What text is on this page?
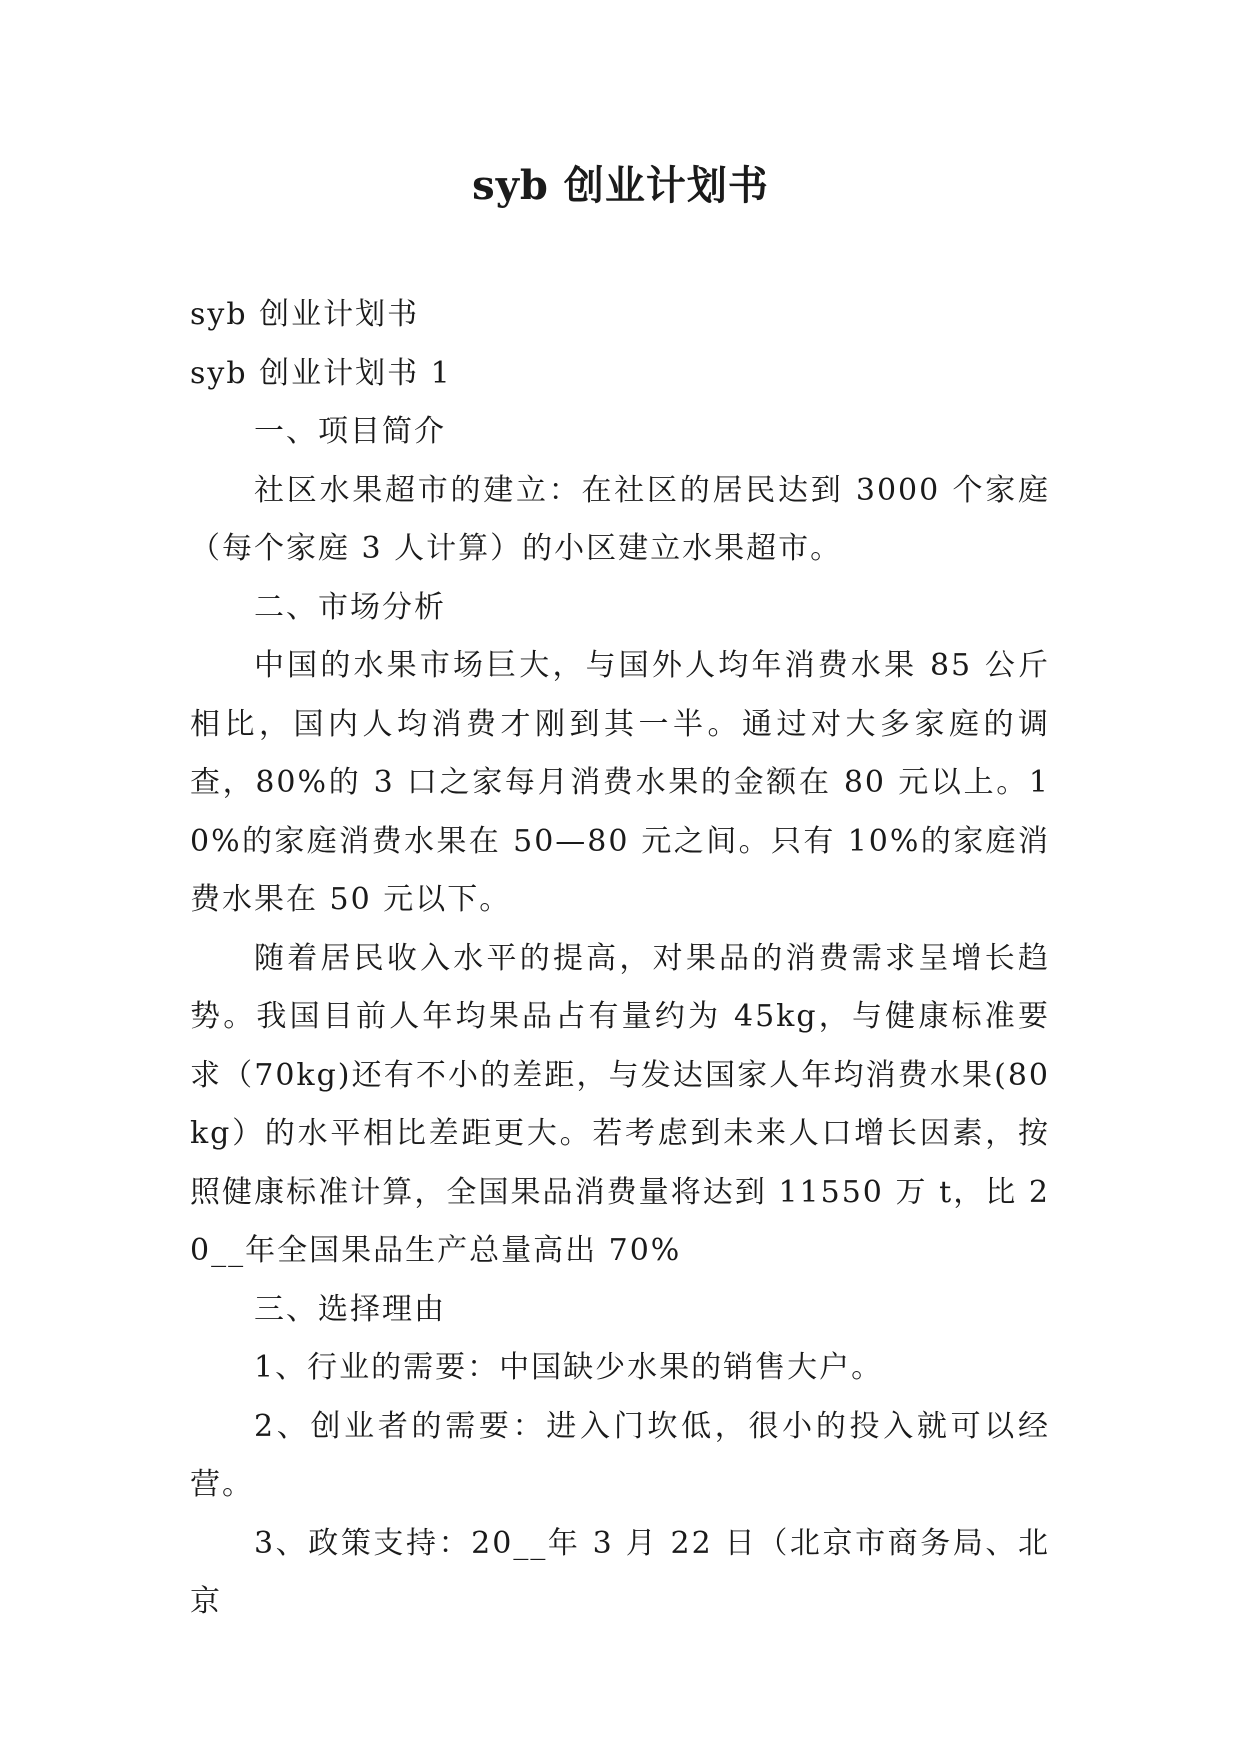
syb 创业计划书

syb 创业计划书

syb 创业计划书 1

一、项目简介

社区水果超市的建立：在社区的居民达到 3000 个家庭（每个家庭 3 人计算）的小区建立水果超市。

二、市场分析

中国的水果市场巨大，与国外人均年消费水果 85 公斤相比，国内人均消费才刚到其一半。通过对大多家庭的调查，80%的 3 口之家每月消费水果的金额在 80 元以上。10%的家庭消费水果在 50—80 元之间。只有 10%的家庭消费水果在 50 元以下。

随着居民收入水平的提高，对果品的消费需求呈增长趋势。我国目前人年均果品占有量约为 45kg，与健康标准要求（70kg)还有不小的差距，与发达国家人年均消费水果(80kg）的水平相比差距更大。若考虑到未来人口增长因素，按照健康标准计算，全国果品消费量将达到 11550 万 t，比 20__年全国果品生产总量高出 70%

三、选择理由

1、行业的需要：中国缺少水果的销售大户。

2、创业者的需要：进入门坎低，很小的投入就可以经营。

3、政策支持：20__年 3 月 22 日（北京市商务局、北京
